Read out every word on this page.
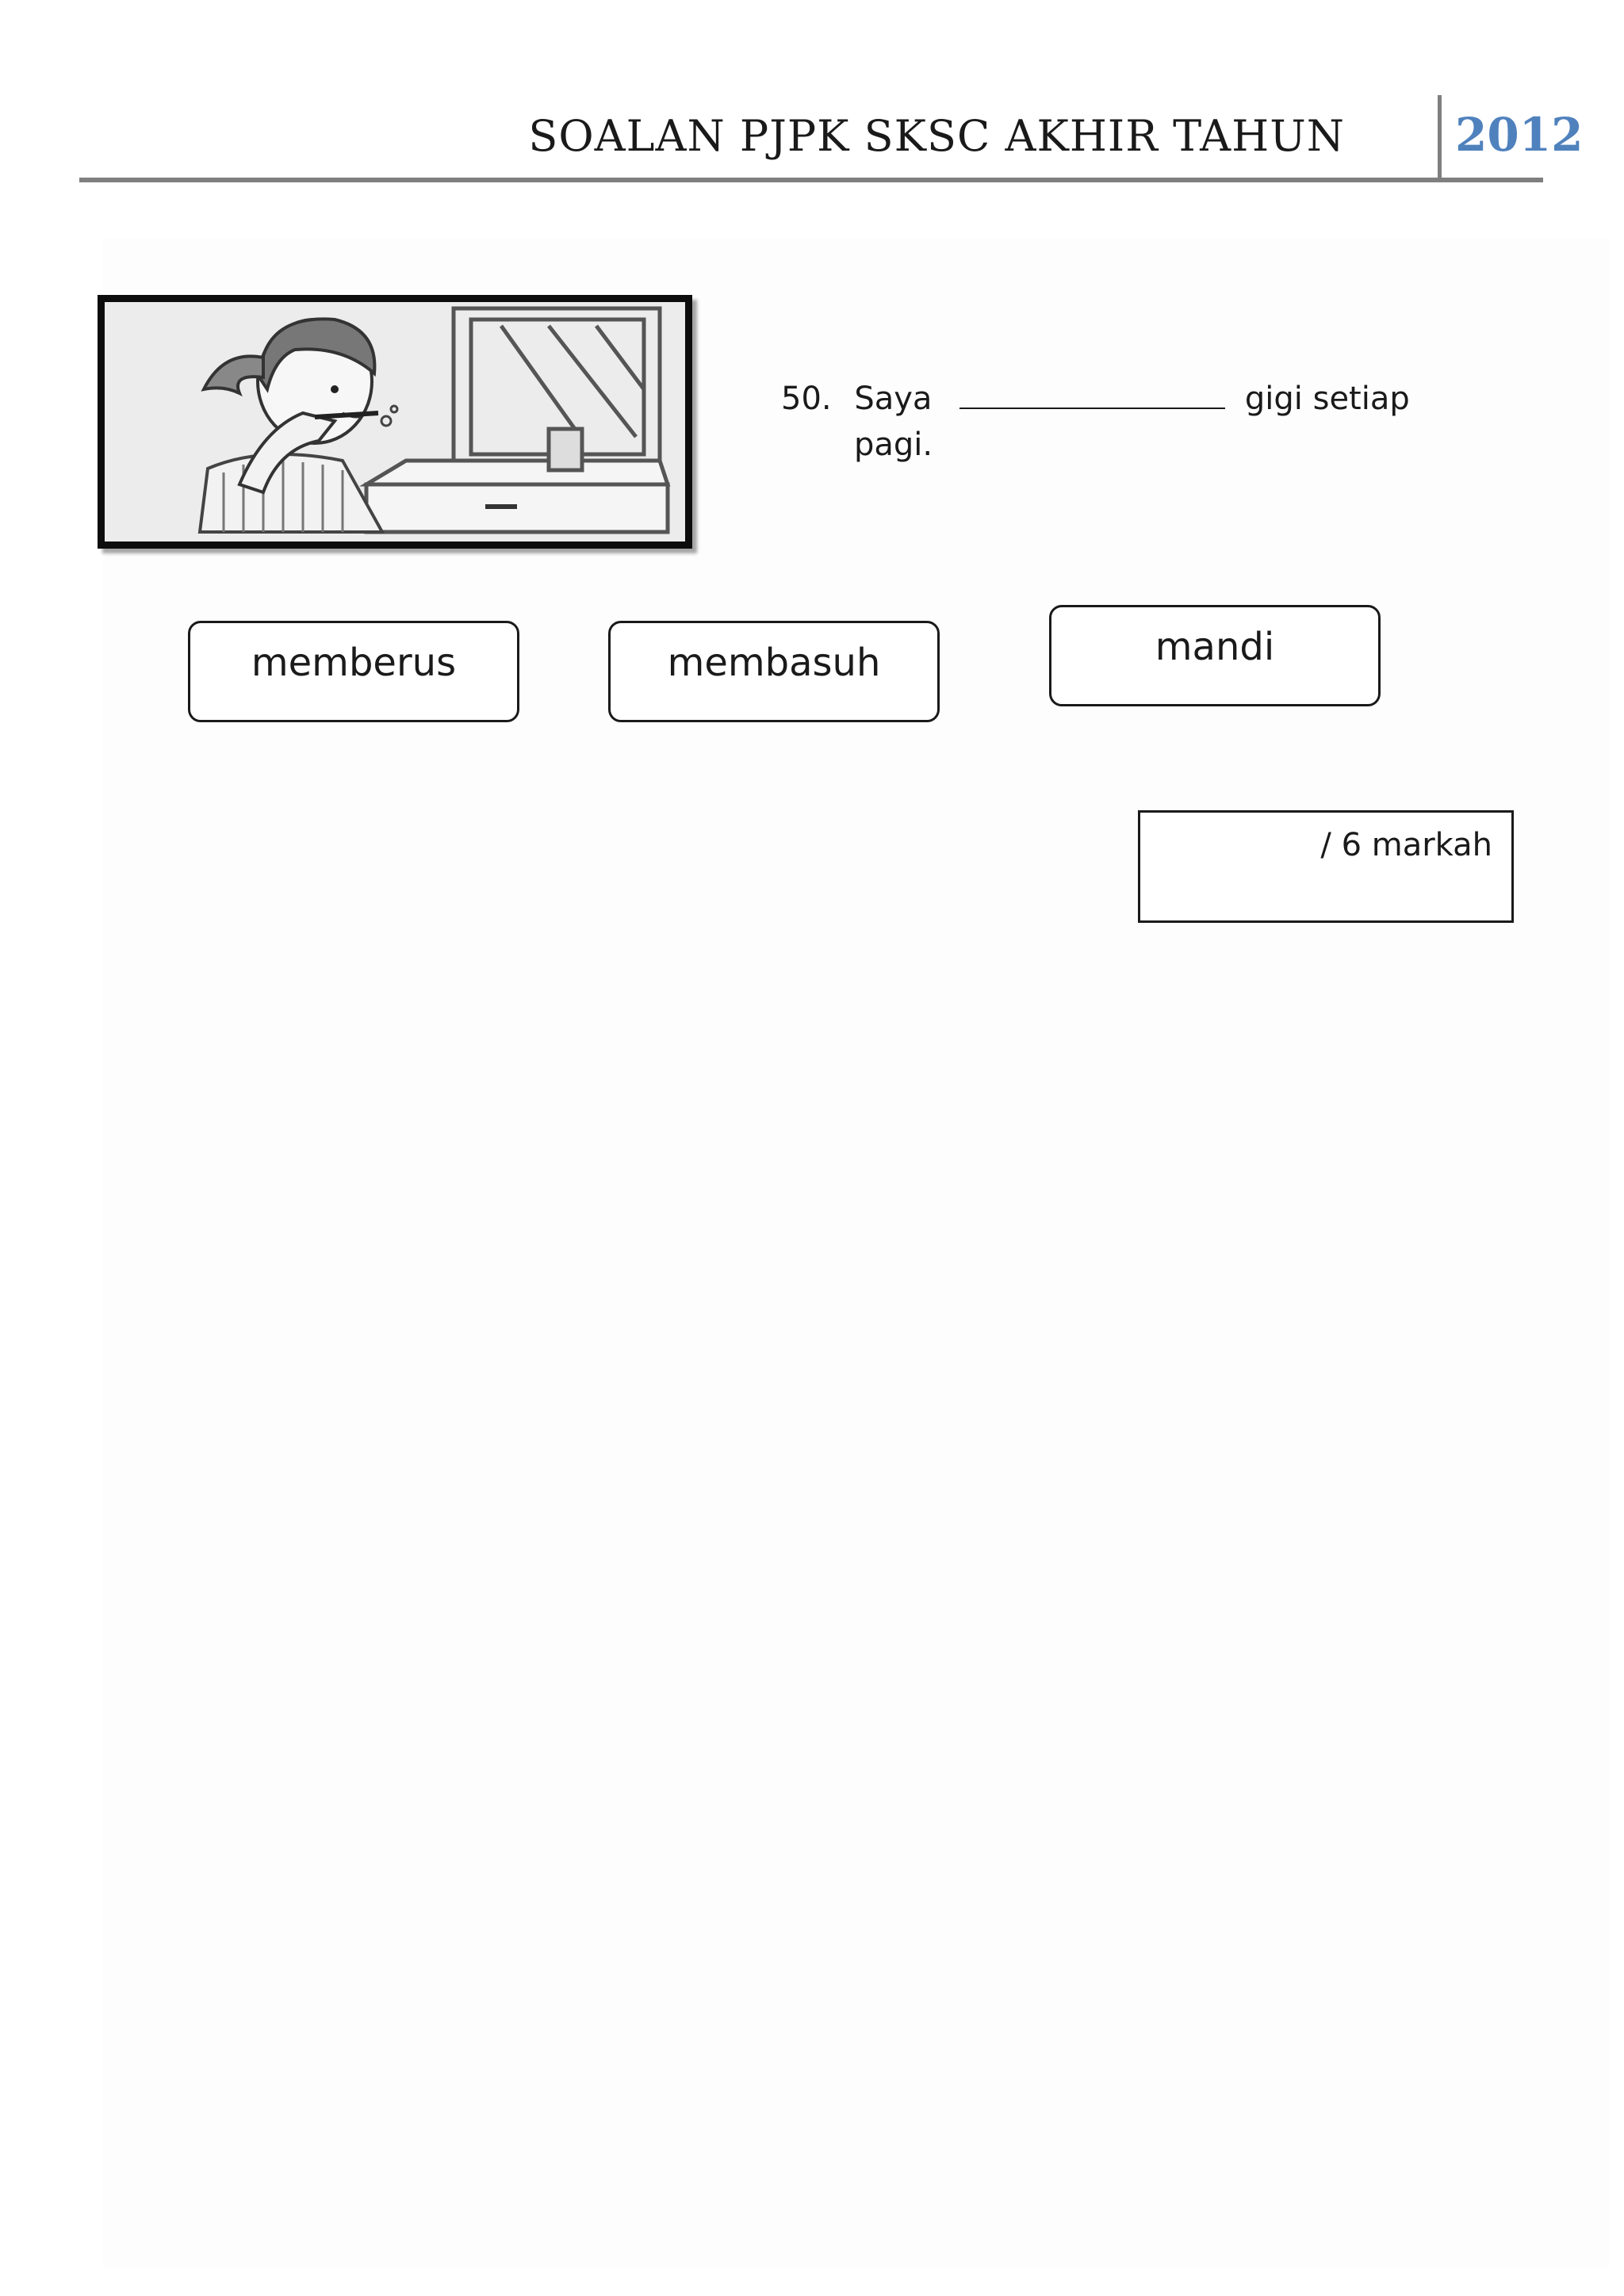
SOALAN PJPK SKSC AKHIR TAHUN 2012
50. Saya	gigi setiap
pagi.
memberus	membasuh	mandi
/ 6 markah
